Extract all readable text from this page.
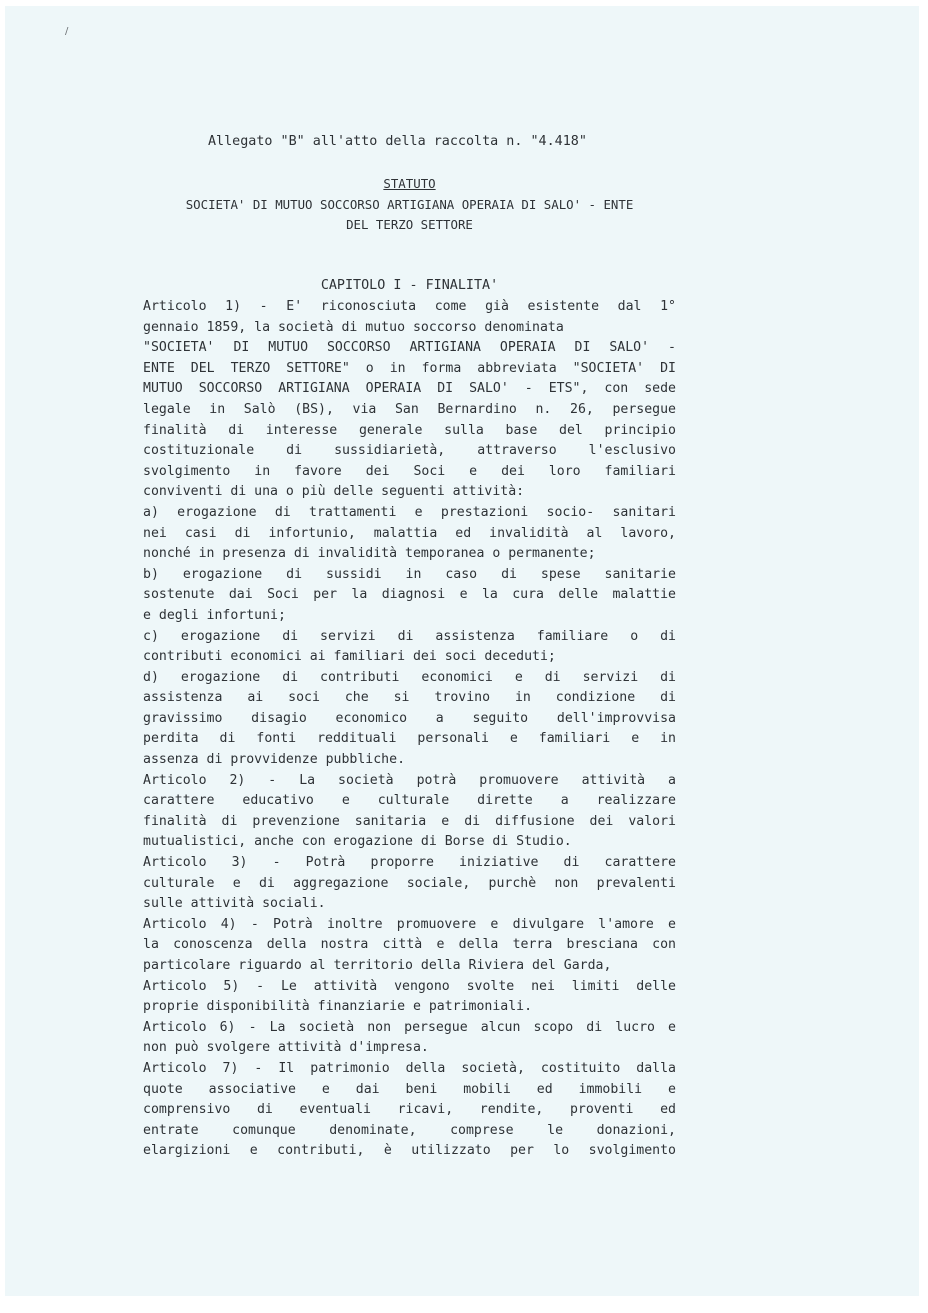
/
Allegato "B" all'atto della raccolta n. "4.418"
STATUTO
SOCIETA' DI MUTUO SOCCORSO ARTIGIANA OPERAIA DI SALO' - ENTE
DEL TERZO SETTORE
CAPITOLO I - FINALITA'
Articolo 1) - E' riconosciuta come già esistente dal 1°
gennaio 1859, la società di mutuo soccorso denominata
"SOCIETA' DI MUTUO SOCCORSO ARTIGIANA OPERAIA DI SALO' -
ENTE DEL TERZO SETTORE" o in forma abbreviata "SOCIETA' DI
MUTUO SOCCORSO ARTIGIANA OPERAIA DI SALO' - ETS", con sede
legale in Salò (BS), via San Bernardino n. 26, persegue
finalità di interesse generale sulla base del principio
costituzionale di sussidiarietà, attraverso l'esclusivo
svolgimento in favore dei Soci e dei loro familiari
conviventi di una o più delle seguenti attività:
a) erogazione di trattamenti e prestazioni socio- sanitari
nei casi di infortunio, malattia ed invalidità al lavoro,
nonché in presenza di invalidità temporanea o permanente;
b) erogazione di sussidi in caso di spese sanitarie
sostenute dai Soci per la diagnosi e la cura delle malattie
e degli infortuni;
c) erogazione di servizi di assistenza familiare o di
contributi economici ai familiari dei soci deceduti;
d) erogazione di contributi economici e di servizi di
assistenza ai soci che si trovino in condizione di
gravissimo disagio economico a seguito dell'improvvisa
perdita di fonti reddituali personali e familiari e in
assenza di provvidenze pubbliche.
Articolo 2) - La società potrà promuovere attività a
carattere educativo e culturale dirette a realizzare
finalità di prevenzione sanitaria e di diffusione dei valori
mutualistici, anche con erogazione di Borse di Studio.
Articolo 3) - Potrà proporre iniziative di carattere
culturale e di aggregazione sociale, purchè non prevalenti
sulle attività sociali.
Articolo 4) - Potrà inoltre promuovere e divulgare l'amore e
la conoscenza della nostra città e della terra bresciana con
particolare riguardo al territorio della Riviera del Garda,
Articolo 5) - Le attività vengono svolte nei limiti delle
proprie disponibilità finanziarie e patrimoniali.
Articolo 6) - La società non persegue alcun scopo di lucro e
non può svolgere attività d'impresa.
Articolo 7) - Il patrimonio della società, costituito dalla
quote associative e dai beni mobili ed immobili e
comprensivo di eventuali ricavi, rendite, proventi ed
entrate comunque denominate, comprese le donazioni,
elargizioni e contributi, è utilizzato per lo svolgimento
